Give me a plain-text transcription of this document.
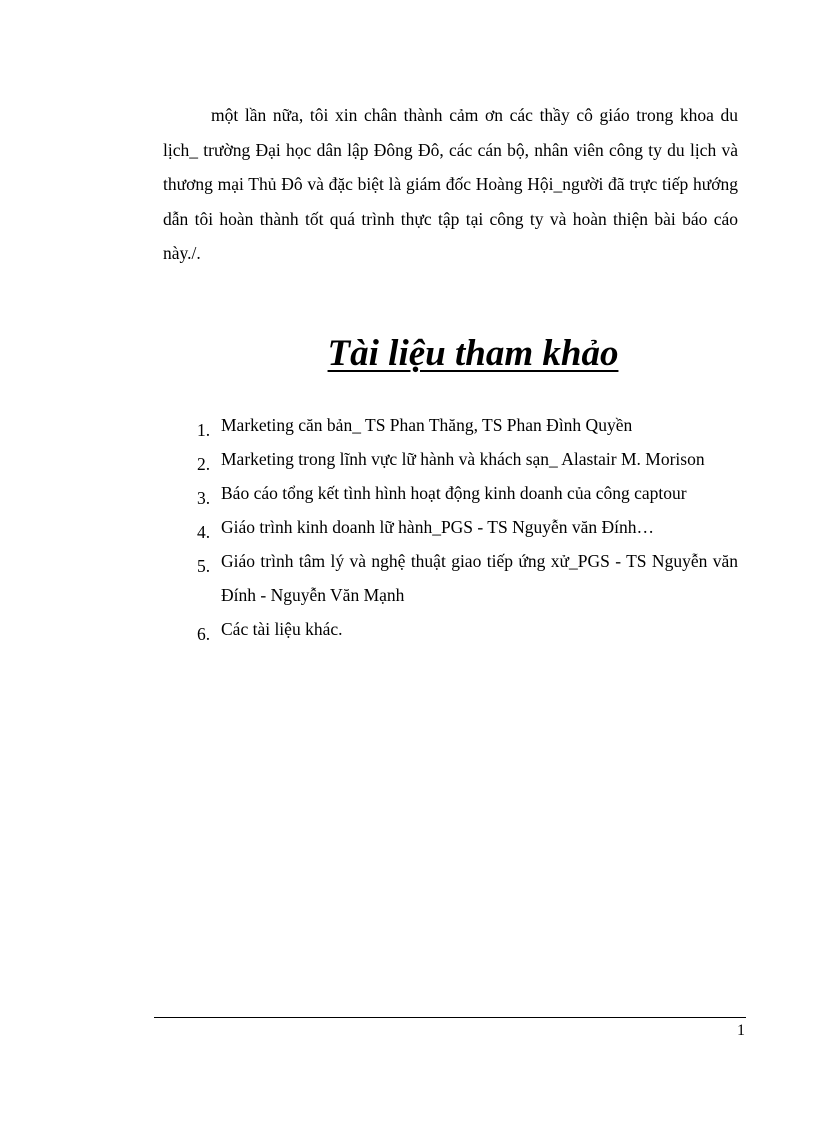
một lần nữa, tôi xin chân thành cảm ơn các thầy cô giáo trong khoa du lịch_ trường Đại học dân lập Đông Đô, các cán bộ, nhân viên công ty du lịch và thương mại Thủ Đô và đặc biệt là giám đốc Hoàng Hội_người đã trực tiếp hướng dẫn tôi hoàn thành tốt quá trình thực tập tại công ty và hoàn thiện bài báo cáo này./.

Tài liệu tham khảo
1. Marketing căn bản_ TS Phan Thăng, TS Phan Đình Quyền
2. Marketing trong lĩnh vực lữ hành và khách sạn_ Alastair M. Morison
3. Báo cáo tổng kết tình hình hoạt động kinh doanh của công captour
4. Giáo trình kinh doanh lữ hành_PGS - TS Nguyễn văn Đính…
5. Giáo trình tâm lý và nghệ thuật giao tiếp ứng xử_PGS - TS Nguyễn văn Đính - Nguyễn Văn Mạnh
6. Các tài liệu khác.
1
